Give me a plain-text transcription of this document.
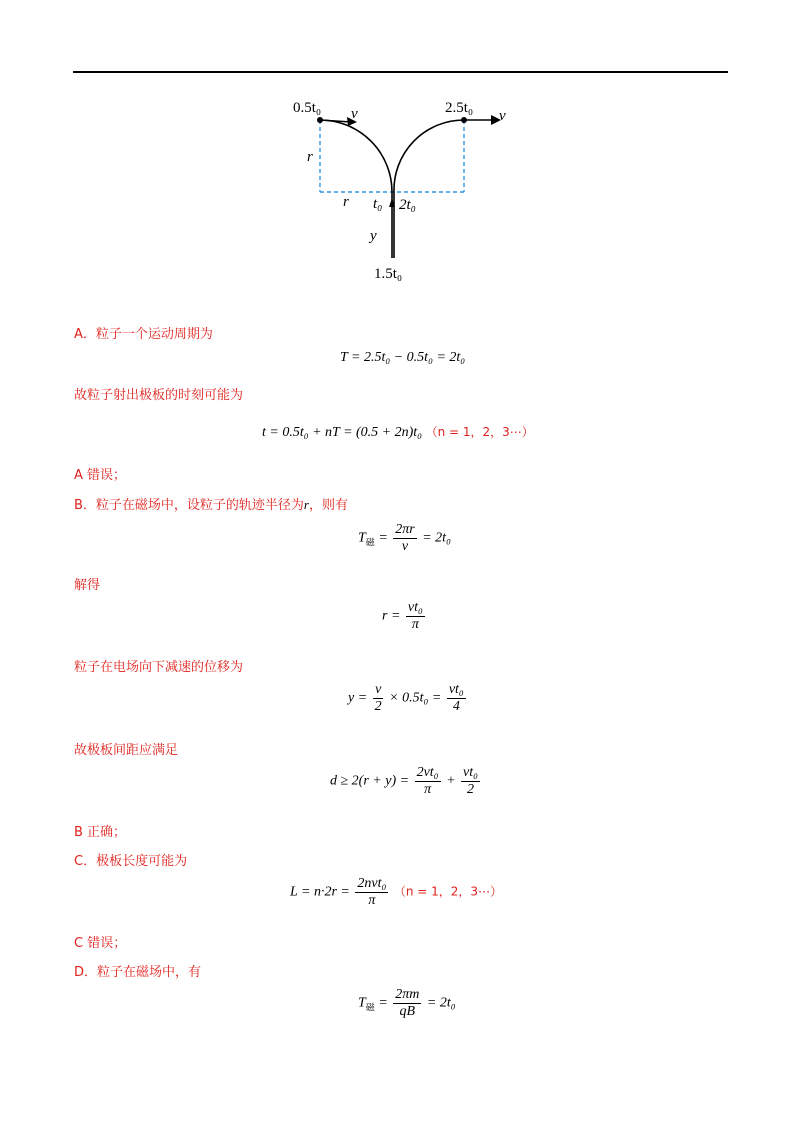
0.5t₀	2.5t₀
v	v
r
r t₀ 2t₀
y
1.5t₀
A．粒子一个运动周期为
T = 2.5t₀ − 0.5t₀ = 2t₀
故粒子射出极板的时刻可能为
t = 0.5t₀ + nT = (0.5 + 2n)t₀ （n = 1，2，3⋯）
A 错误；
B．粒子在磁场中，设粒子的轨迹半径为r，则有
$T_磁 = \frac{2\pi r}{v} = 2t_0$
解得
$r = \frac{\text{vt₀}}{\pi}$
粒子在电场向下减速的位移为
$y = \frac{v}{2} \times 0.5t_0 = \frac{\text{vt₀}}{4}$
故极板间距应满足
$d \ge 2(r + y) = \frac{\text{2vt₀}}{\pi} + \frac{\text{vt₀}}{2}$
B 正确；
C．极板长度可能为
$L = n\cdot 2r = \frac{\text{2nvt₀}}{\pi} (n = 1$，2，3⋯）
C 错误；
D．粒子在磁场中，有
$T_磁 = \frac{2\pi m}{qB} = 2t_0$
